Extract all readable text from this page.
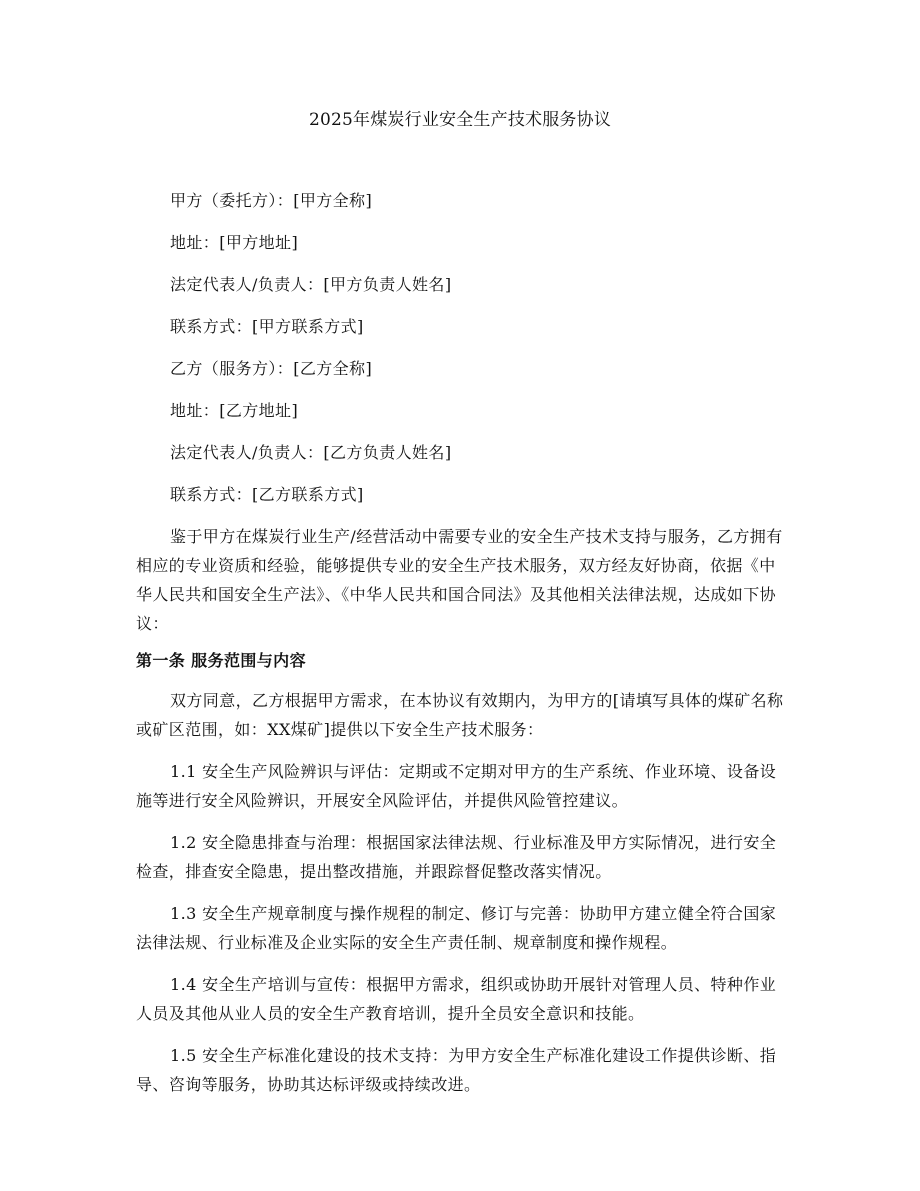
2025年煤炭行业安全生产技术服务协议
甲方（委托方）：[甲方全称]
地址：[甲方地址]
法定代表人/负责人：[甲方负责人姓名]
联系方式：[甲方联系方式]
乙方（服务方）：[乙方全称]
地址：[乙方地址]
法定代表人/负责人：[乙方负责人姓名]
联系方式：[乙方联系方式]

鉴于甲方在煤炭行业生产/经营活动中需要专业的安全生产技术支持与服务，乙方拥有相应的专业资质和经验，能够提供专业的安全生产技术服务，双方经友好协商，依据《中华人民共和国安全生产法》、《中华人民共和国合同法》及其他相关法律法规，达成如下协议：

第一条 服务范围与内容

双方同意，乙方根据甲方需求，在本协议有效期内，为甲方的[请填写具体的煤矿名称或矿区范围，如：XX煤矿]提供以下安全生产技术服务：

1.1 安全生产风险辨识与评估：定期或不定期对甲方的生产系统、作业环境、设备设施等进行安全风险辨识，开展安全风险评估，并提供风险管控建议。

1.2 安全隐患排查与治理：根据国家法律法规、行业标准及甲方实际情况，进行安全检查，排查安全隐患，提出整改措施，并跟踪督促整改落实情况。

1.3 安全生产规章制度与操作规程的制定、修订与完善：协助甲方建立健全符合国家法律法规、行业标准及企业实际的安全生产责任制、规章制度和操作规程。

1.4 安全生产培训与宣传：根据甲方需求，组织或协助开展针对管理人员、特种作业人员及其他从业人员的安全生产教育培训，提升全员安全意识和技能。

1.5 安全生产标准化建设的技术支持：为甲方安全生产标准化建设工作提供诊断、指导、咨询等服务，协助其达标评级或持续改进。
